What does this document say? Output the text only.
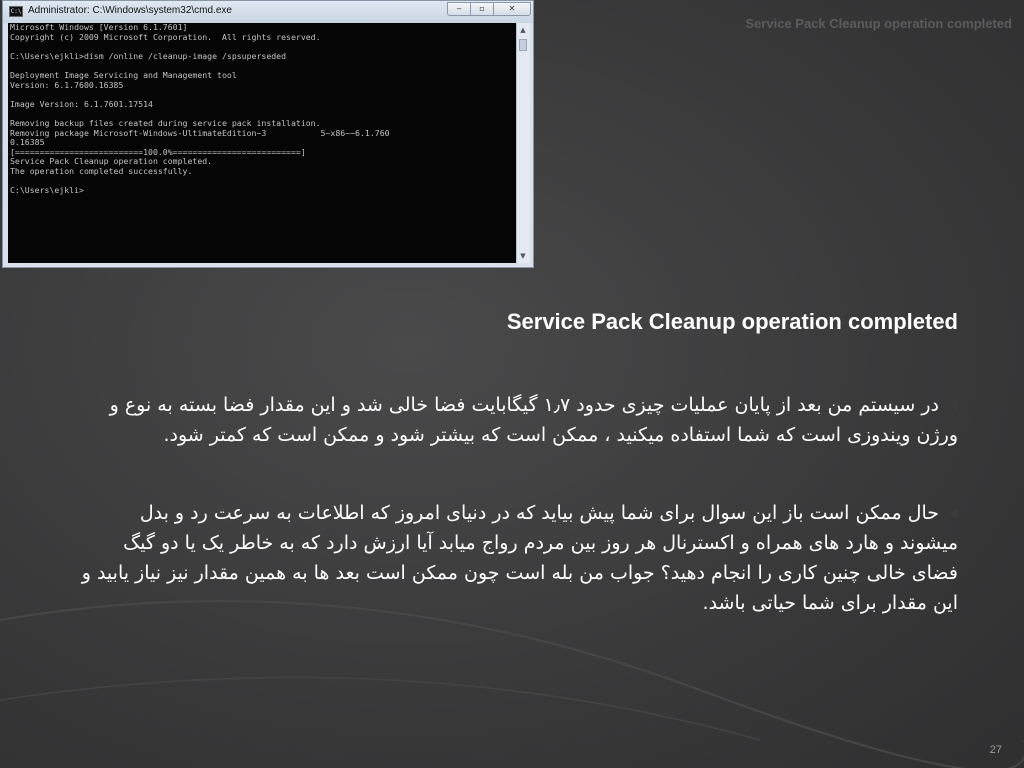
Service Pack Cleanup operation completed
C:\ Administrator: C:\Windows\system32\cmd.exe	‒	▫	✕
Microsoft Windows [Version 6.1.7601]
Copyright (c) 2009 Microsoft Corporation.  All rights reserved.
C:\Users\ejkli>dism /online /cleanup-image /spsuperseded
Deployment Image Servicing and Management tool
Version: 6.1.7600.16385
Image Version: 6.1.7601.17514
Removing backup files created during service pack installation.
Removing package Microsoft-Windows-UltimateEdition~3           5~x86~~6.1.760
0.16385
[==========================100.0%==========================]
Service Pack Cleanup operation completed.
The operation completed successfully.
C:\Users\ejkli>
▲
▼
Service Pack Cleanup operation completed
در سیستم من بعد از پایان عملیات چیزی حدود ۱٫۷ گیگابایت فضا خالی شد و این مقدار فضا بسته به نوع و ورژن ویندوزی است که شما استفاده میکنید ، ممکن است که بیشتر شود و ممکن است که کمتر شود.
حال ممکن است باز این سوال برای شما پیش بیاید که در دنیای امروز که اطلاعات به سرعت رد و بدل میشوند و هارد های همراه و اکسترنال هر روز بین مردم رواج میابد آیا ارزش دارد که به خاطر یک یا دو گیگ فضای خالی چنین کاری را انجام دهید؟ جواب من بله است چون ممکن است بعد ها به همین مقدار نیز نیاز یابید و این مقدار برای شما حیاتی باشد.
27
